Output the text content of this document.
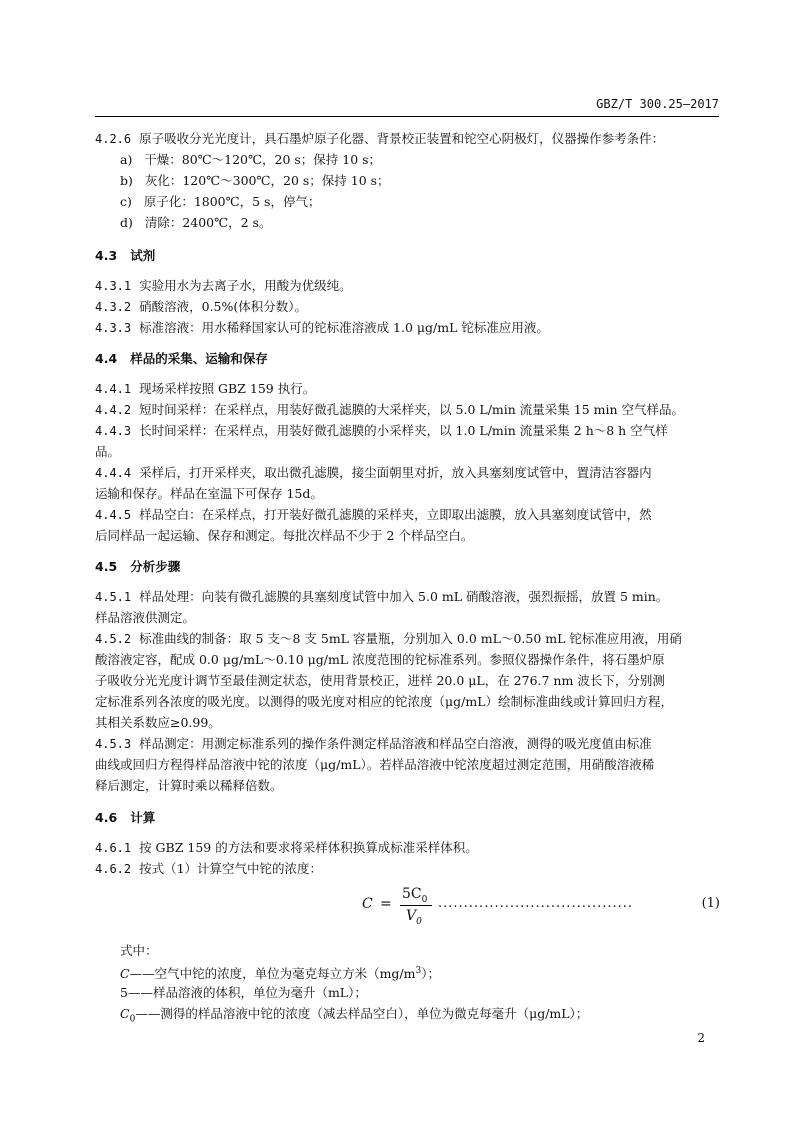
GBZ/T 300.25—2017
4.2.6 原子吸收分光光度计，具石墨炉原子化器、背景校正装置和铊空心阴极灯，仪器操作参考条件：
a) 干燥：80℃～120℃，20 s；保持 10 s；
b) 灰化：120℃～300℃，20 s；保持 10 s；
c) 原子化：1800℃，5 s，停气；
d) 清除：2400℃，2 s。
4.3 试剂
4.3.1 实验用水为去离子水，用酸为优级纯。
4.3.2 硝酸溶液，0.5%(体积分数）。
4.3.3 标准溶液：用水稀释国家认可的铊标准溶液成 1.0 μg/mL 铊标准应用液。
4.4 样品的采集、运输和保存
4.4.1 现场采样按照 GBZ 159 执行。
4.4.2 短时间采样：在采样点，用装好微孔滤膜的大采样夹，以 5.0 L/min 流量采集 15 min 空气样品。
4.4.3 长时间采样：在采样点，用装好微孔滤膜的小采样夹，以 1.0 L/min 流量采集 2 h～8 h 空气样
品。
4.4.4 采样后，打开采样夹，取出微孔滤膜，接尘面朝里对折，放入具塞刻度试管中，置清洁容器内
运输和保存。样品在室温下可保存 15d。
4.4.5 样品空白：在采样点，打开装好微孔滤膜的采样夹，立即取出滤膜，放入具塞刻度试管中，然
后同样品一起运输、保存和测定。每批次样品不少于 2 个样品空白。
4.5 分析步骤
4.5.1 样品处理：向装有微孔滤膜的具塞刻度试管中加入 5.0 mL 硝酸溶液，强烈振摇，放置 5 min。
样品溶液供测定。
4.5.2 标准曲线的制备：取 5 支～8 支 5mL 容量瓶，分别加入 0.0 mL～0.50 mL 铊标准应用液，用硝
酸溶液定容，配成 0.0 μg/mL～0.10 μg/mL 浓度范围的铊标准系列。参照仪器操作条件，将石墨炉原
子吸收分光光度计调节至最佳测定状态，使用背景校正，进样 20.0 μL，在 276.7 nm 波长下，分别测
定标准系列各浓度的吸光度。以测得的吸光度对相应的铊浓度（μg/mL）绘制标准曲线或计算回归方程，
其相关系数应≥0.99。
4.5.3 样品测定：用测定标准系列的操作条件测定样品溶液和样品空白溶液，测得的吸光度值由标准
曲线或回归方程得样品溶液中铊的浓度（μg/mL）。若样品溶液中铊浓度超过测定范围，用硝酸溶液稀
释后测定，计算时乘以稀释倍数。
4.6 计算
4.6.1 按 GBZ 159 的方法和要求将采样体积换算成标准采样体积。
4.6.2 按式（1）计算空气中铊的浓度：
C =
$5C_0$
$V_0$
......................................	(1)
式中：
C——空气中铊的浓度，单位为毫克每立方米$(mg/m^3)$；
5——样品溶液的体积，单位为毫升（mL）；
$C_0——$测得的样品溶液中铊的浓度（减去样品空白），单位为微克每毫升（μg/mL）；
2
